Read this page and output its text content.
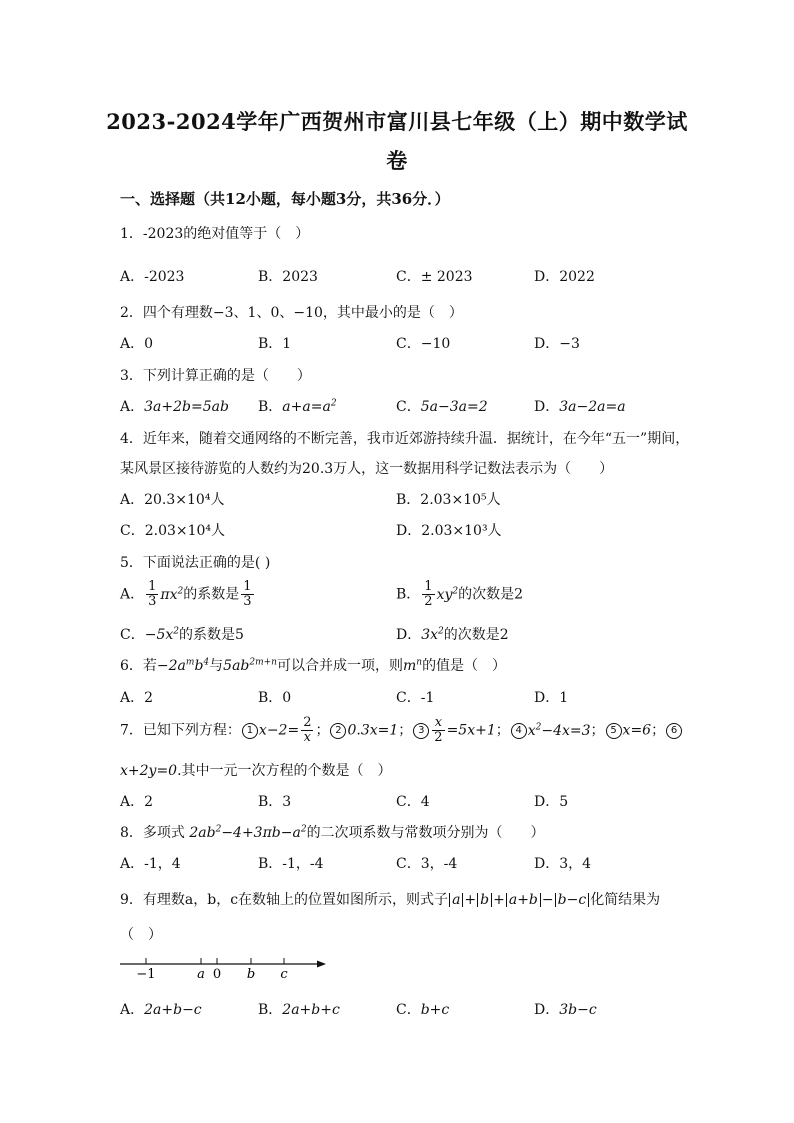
2023-2024学年广西贺州市富川县七年级（上）期中数学试
卷
一、选择题（共12小题，每小题3分，共36分．）
1．-2023的绝对值等于（　）
A．-2023	B．2023	C．± 2023	D．2022
2．四个有理数−3、1、0、−10，其中最小的是（　）
A．0	B．1	C．−10	D．−3
3．下列计算正确的是（　　）
A．3a+2b=5ab B．$a+a=a^2$	C．5a−3a=2	D．3a−2a=a
4．近年来，随着交通网络的不断完善，我市近郊游持续升温．据统计，在今年“五一”期间，
某风景区接待游览的人数约为20.3万人，这一数据用科学记数法表示为（　　）
A．20.3×10⁴人	B．2.03×10⁵人
C．2.03×10⁴人	D．2.03×10³人
5．下面说法正确的是( )
A． $\frac{1}{3} \pi x^2$的系数是 $\frac{1}{3}$	B． $\frac{1}{2} xy^2$的次数是2
C．$-5x^2$的系数是5	D．$3x^2$的次数是2
6．若$-2a^mb^4$与$5ab^{2m+n}$可以合并成一项，则$m^n$的值是（　）
A．2	B．0	C．-1	D．1
7．已知下列方程： 1 $x-2= \frac{2}{x}$ ； 2 0.3x=1； $3 \frac{x}{2} =5x+1$； 4 $x^2-4x=3$； 5 x=6； 6
x+2y=0.其中一元一次方程的个数是（　）
A．2	B．3	C．4	D．5
8．多项式 $2ab^2-4+3\pi b-a^2$的二次项系数与常数项分别为（　　）
A．-1，4	B．-1，-4	C．3，-4	D．3，4
9．有理数a，b，c在数轴上的位置如图所示，则式子 a + b + a+b − b−c 化简结果为
（　）
−1	a 0 b c
A．2a+b−c	B．2a+b+c	C．b+c	D．3b−c
